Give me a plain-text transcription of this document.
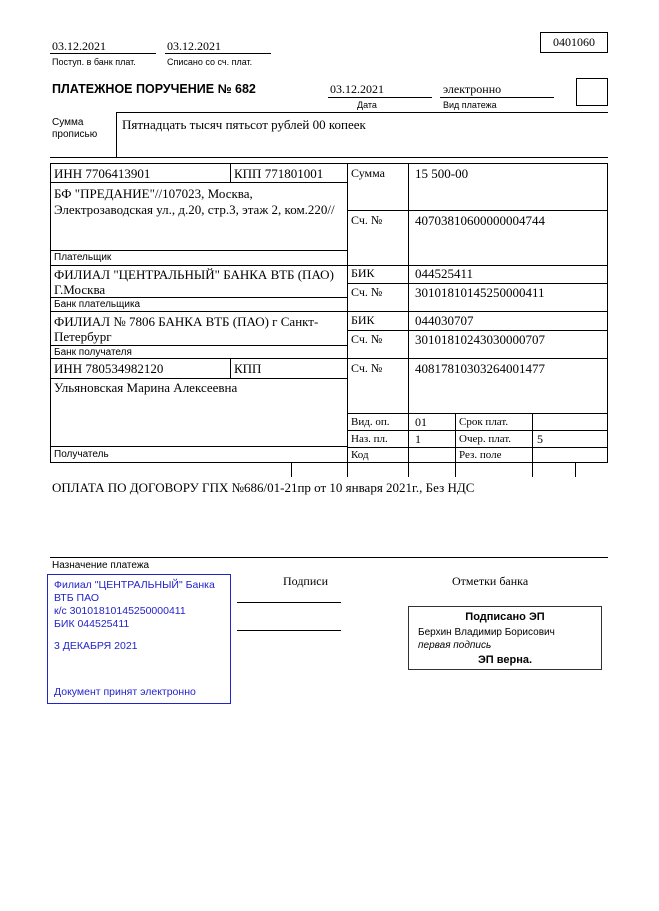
03.12.2021
Поступ. в банк плат.
03.12.2021
Списано со сч. плат.
0401060
ПЛАТЕЖНОЕ ПОРУЧЕНИЕ № 682	03.12.2021
Дата
электронно
Вид платежа
Сумма прописью
Пятнадцать тысяч пятьсот рублей 00 копеек
ИНН 7706413901	КПП 771801001
БФ "ПРЕДАНИЕ"//107023, Москва, Электрозаводская ул., д.20, стр.3, этаж 2, ком.220//
Плательщик
Сумма 15 500-00
Сч. №	40703810600000004744
ФИЛИАЛ "ЦЕНТРАЛЬНЫЙ" БАНКА ВТБ (ПАО) Г.Москва
Банк плательщика
БИК	044525411
Сч. №	30101810145250000411
ФИЛИАЛ № 7806 БАНКА ВТБ (ПАО) г Санкт-Петербург
Банк получателя
БИК	044030707
Сч. №	30101810243030000707
ИНН 780534982120	КПП	Сч. №	40817810303264001477
Ульяновская Марина Алексеевна
Получатель
Вид. оп. 01	Срок плат.
Наз. пл. 1	Очер. плат. 5
Код	Рез. поле
ОПЛАТА ПО ДОГОВОРУ ГПХ №686/01-21пр от 10 января 2021г., Без НДС
Назначение платежа
Подписи	Отметки банка
Филиал "ЦЕНТРАЛЬНЫЙ" Банка
ВТБ ПАО
к/с 30101810145250000411
БИК 044525411
3 ДЕКАБРЯ 2021
Документ принят электронно
Подписано ЭП
Берхин Владимир Борисович
первая подпись
ЭП верна.
